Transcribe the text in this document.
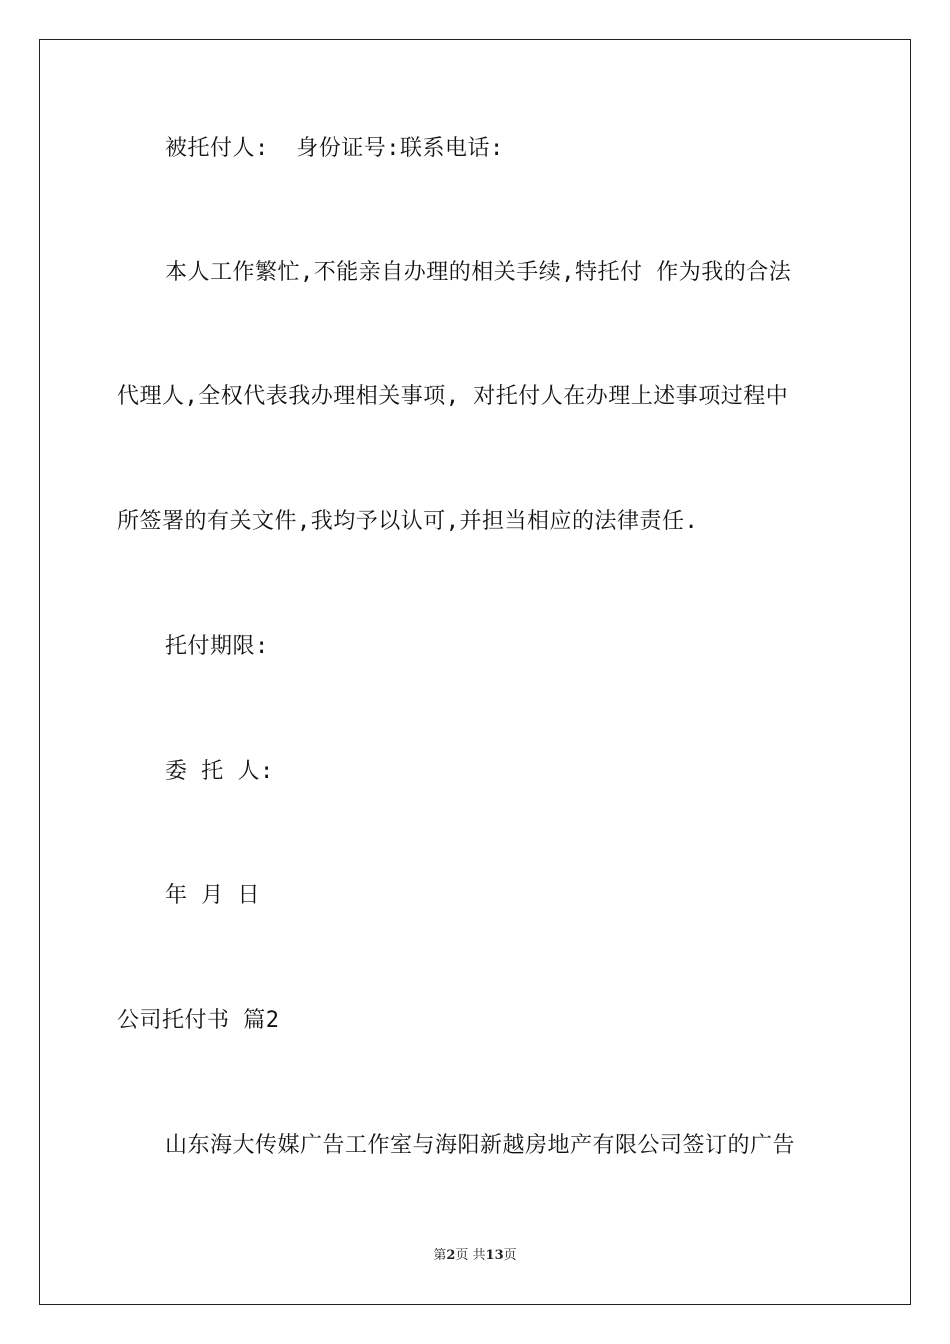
被托付人:  身份证号:联系电话:
本人工作繁忙,不能亲自办理的相关手续,特托付 作为我的合法
代理人,全权代表我办理相关事项, 对托付人在办理上述事项过程中
所签署的有关文件,我均予以认可,并担当相应的法律责任.
托付期限:
委 托 人:
年 月 日
公司托付书 篇2
山东海大传媒广告工作室与海阳新越房地产有限公司签订的广告
第2页 共13页
